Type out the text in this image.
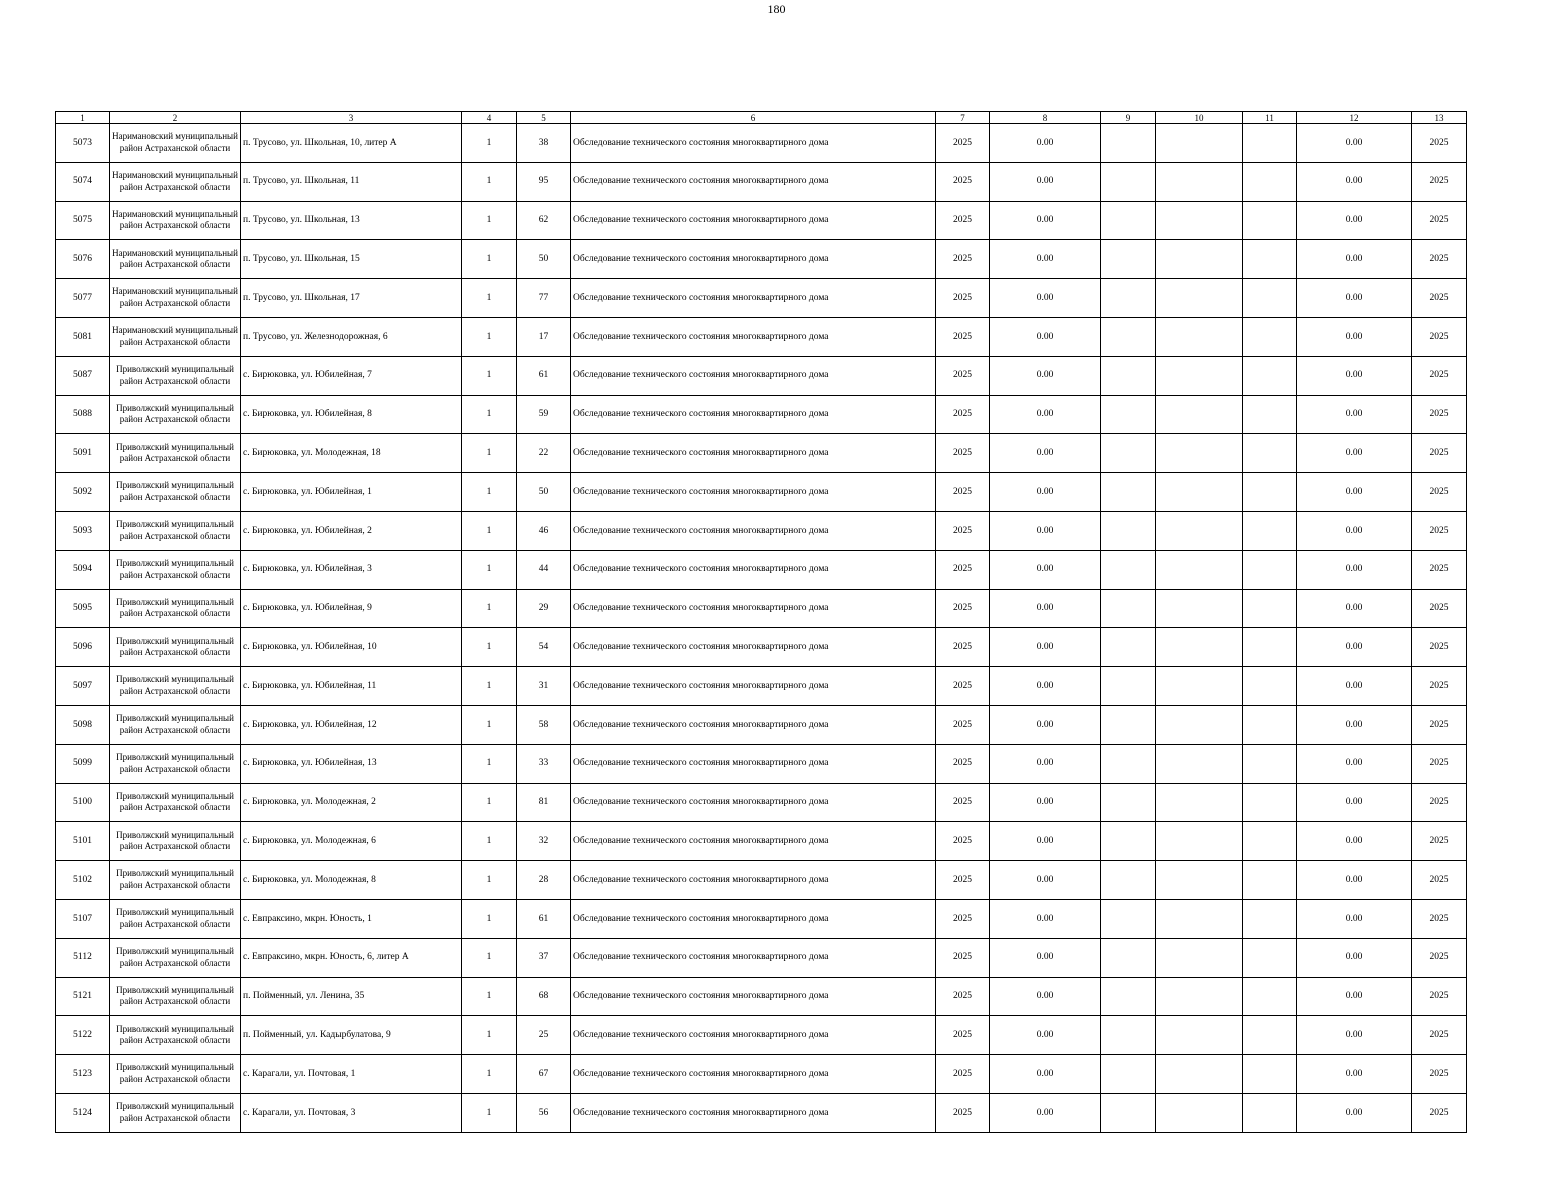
180
1	2	3	4	5	6	7	8	9	10	11	12	13
5073	Наримановский муниципальный район Астраханской области	п. Трусово, ул. Школьная, 10, литер А	1	38	Обследование технического состояния многоквартирного дома	2025	0.00				0.00	2025
5074	Наримановский муниципальный район Астраханской области	п. Трусово, ул. Школьная, 11	1	95	Обследование технического состояния многоквартирного дома	2025	0.00				0.00	2025
5075	Наримановский муниципальный район Астраханской области	п. Трусово, ул. Школьная, 13	1	62	Обследование технического состояния многоквартирного дома	2025	0.00				0.00	2025
5076	Наримановский муниципальный район Астраханской области	п. Трусово, ул. Школьная, 15	1	50	Обследование технического состояния многоквартирного дома	2025	0.00				0.00	2025
5077	Наримановский муниципальный район Астраханской области	п. Трусово, ул. Школьная, 17	1	77	Обследование технического состояния многоквартирного дома	2025	0.00				0.00	2025
5081	Наримановский муниципальный район Астраханской области	п. Трусово, ул. Железнодорожная, 6	1	17	Обследование технического состояния многоквартирного дома	2025	0.00				0.00	2025
5087	Приволжский муниципальный район Астраханской области	с. Бирюковка, ул. Юбилейная, 7	1	61	Обследование технического состояния многоквартирного дома	2025	0.00				0.00	2025
5088	Приволжский муниципальный район Астраханской области	с. Бирюковка, ул. Юбилейная, 8	1	59	Обследование технического состояния многоквартирного дома	2025	0.00				0.00	2025
5091	Приволжский муниципальный район Астраханской области	с. Бирюковка, ул. Молодежная, 18	1	22	Обследование технического состояния многоквартирного дома	2025	0.00				0.00	2025
5092	Приволжский муниципальный район Астраханской области	с. Бирюковка, ул. Юбилейная, 1	1	50	Обследование технического состояния многоквартирного дома	2025	0.00				0.00	2025
5093	Приволжский муниципальный район Астраханской области	с. Бирюковка, ул. Юбилейная, 2	1	46	Обследование технического состояния многоквартирного дома	2025	0.00				0.00	2025
5094	Приволжский муниципальный район Астраханской области	с. Бирюковка, ул. Юбилейная, 3	1	44	Обследование технического состояния многоквартирного дома	2025	0.00				0.00	2025
5095	Приволжский муниципальный район Астраханской области	с. Бирюковка, ул. Юбилейная, 9	1	29	Обследование технического состояния многоквартирного дома	2025	0.00				0.00	2025
5096	Приволжский муниципальный район Астраханской области	с. Бирюковка, ул. Юбилейная, 10	1	54	Обследование технического состояния многоквартирного дома	2025	0.00				0.00	2025
5097	Приволжский муниципальный район Астраханской области	с. Бирюковка, ул. Юбилейная, 11	1	31	Обследование технического состояния многоквартирного дома	2025	0.00				0.00	2025
5098	Приволжский муниципальный район Астраханской области	с. Бирюковка, ул. Юбилейная, 12	1	58	Обследование технического состояния многоквартирного дома	2025	0.00				0.00	2025
5099	Приволжский муниципальный район Астраханской области	с. Бирюковка, ул. Юбилейная, 13	1	33	Обследование технического состояния многоквартирного дома	2025	0.00				0.00	2025
5100	Приволжский муниципальный район Астраханской области	с. Бирюковка, ул. Молодежная, 2	1	81	Обследование технического состояния многоквартирного дома	2025	0.00				0.00	2025
5101	Приволжский муниципальный район Астраханской области	с. Бирюковка, ул. Молодежная, 6	1	32	Обследование технического состояния многоквартирного дома	2025	0.00				0.00	2025
5102	Приволжский муниципальный район Астраханской области	с. Бирюковка, ул. Молодежная, 8	1	28	Обследование технического состояния многоквартирного дома	2025	0.00				0.00	2025
5107	Приволжский муниципальный район Астраханской области	с. Евпраксино, мкрн. Юность, 1	1	61	Обследование технического состояния многоквартирного дома	2025	0.00				0.00	2025
5112	Приволжский муниципальный район Астраханской области	с. Евпраксино, мкрн. Юность, 6, литер А	1	37	Обследование технического состояния многоквартирного дома	2025	0.00				0.00	2025
5121	Приволжский муниципальный район Астраханской области	п. Пойменный, ул. Ленина, 35	1	68	Обследование технического состояния многоквартирного дома	2025	0.00				0.00	2025
5122	Приволжский муниципальный район Астраханской области	п. Пойменный, ул. Кадырбулатова, 9	1	25	Обследование технического состояния многоквартирного дома	2025	0.00				0.00	2025
5123	Приволжский муниципальный район Астраханской области	с. Карагали, ул. Почтовая, 1	1	67	Обследование технического состояния многоквартирного дома	2025	0.00				0.00	2025
5124	Приволжский муниципальный район Астраханской области	с. Карагали, ул. Почтовая, 3	1	56	Обследование технического состояния многоквартирного дома	2025	0.00				0.00	2025
